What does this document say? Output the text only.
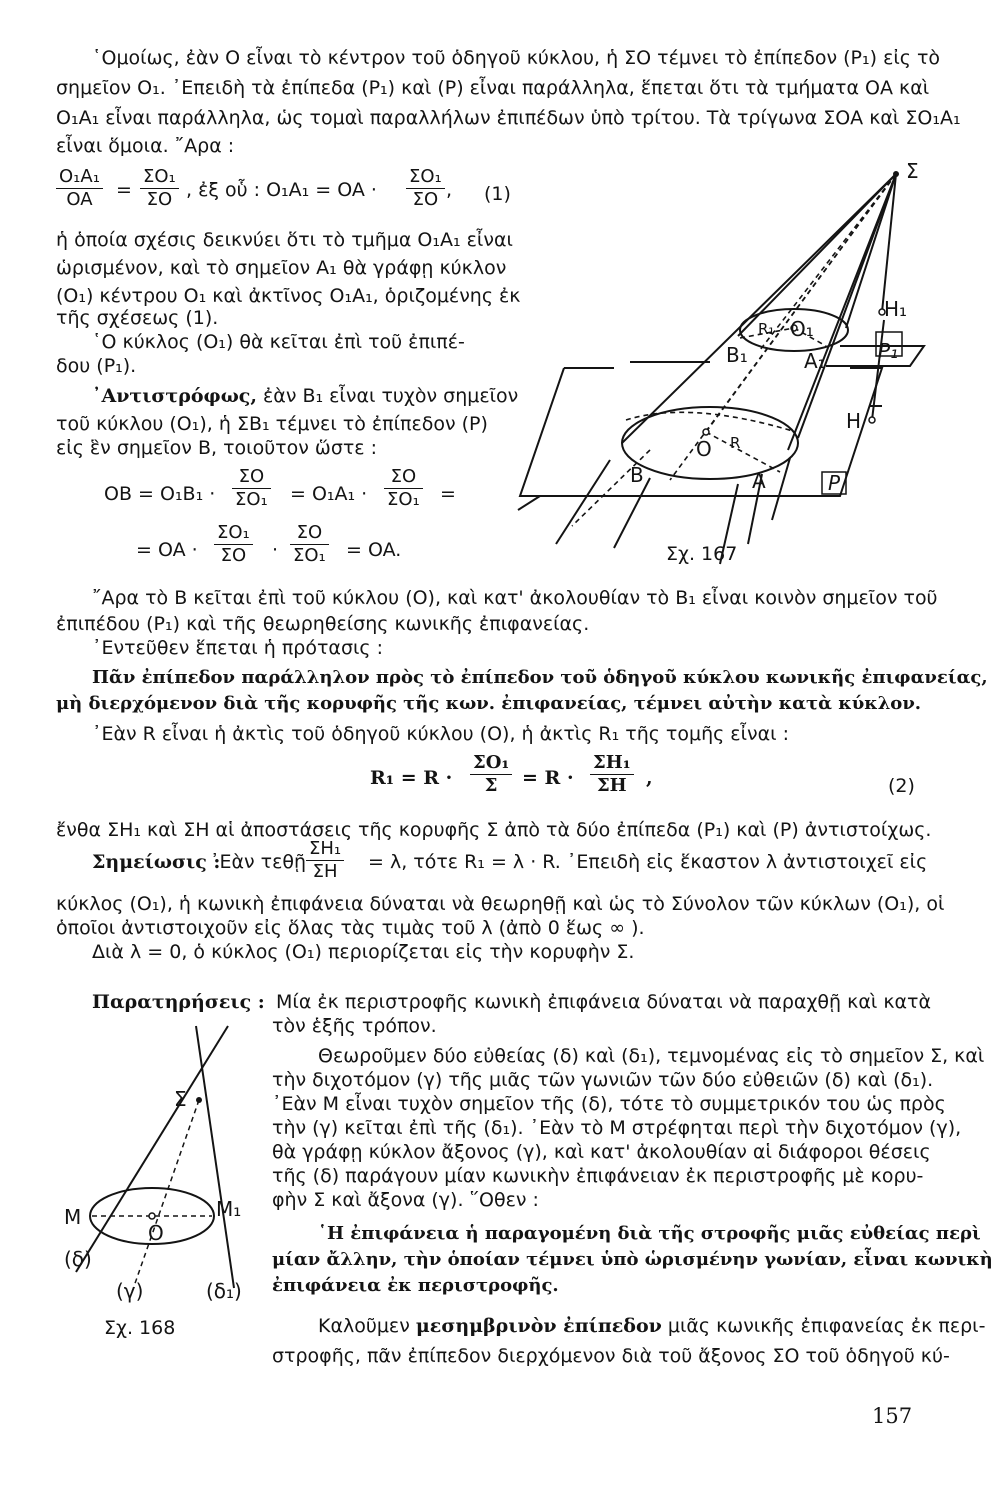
῾Ομοίως, ἐὰν O εἶναι τὸ κέντρον τοῦ ὁδηγοῦ κύκλου, ἡ ΣΟ τέμνει τὸ ἐπίπεδον (P₁) εἰς τὸ
σημεῖον O₁. ᾿Επειδὴ τὰ ἐπίπεδα (P₁) καὶ (P) εἶναι παράλληλα, ἕπεται ὅτι τὰ τμήματα ΟΑ καὶ
O₁A₁ εἶναι παράλληλα, ὡς τομαὶ παραλλήλων ἐπιπέδων ὑπὸ τρίτου. Τὰ τρίγωνα ΣΟΑ καὶ ΣΟ₁Α₁
εἶναι ὅμοια. ῎Αρα :
$\frac{\text{O₁A₁}}{OA} = \frac{\text{ΣO₁}}{\Sigma O}$ , ἐξ οὗ : O₁A₁ = OA · $\frac{\text{ΣO₁}}{\Sigma O}$ , (1)
ἡ ὁποία σχέσις δεικνύει ὅτι τὸ τμῆμα O₁A₁ εἶναι
ὡρισμένον, καὶ τὸ σημεῖον A₁ θὰ γράφῃ κύκλον
(O₁) κέντρου O₁ καὶ ἀκτῖνος O₁A₁, ὁριζομένης ἐκ
τῆς σχέσεως (1).
῾Ο κύκλος (O₁) θὰ κεῖται ἐπὶ τοῦ ἐπιπέ-
δου (P₁).
᾿Αντιστρόφως, ἐὰν B₁ εἶναι τυχὸν σημεῖον
τοῦ κύκλου (O₁), ἡ ΣB₁ τέμνει τὸ ἐπίπεδον (P)
εἰς ἓν σημεῖον B, τοιοῦτον ὥστε :
OB = $O_1B_1 \cdot \frac{\Sigma O}{\text{ΣO₁}} = O_1A_1 \cdot \frac{\Sigma O}{\text{ΣO₁}}$ =
= OA · $\frac{\text{ΣO₁}}{\Sigma O} \cdot \frac{\Sigma O}{\text{ΣO₁}}$ = OA.
Σ
H₁
P₁
R₁ O₁
B₁	A₁
H
R
O
B	A	P
Σχ. 167
῎Αρα τὸ B κεῖται ἐπὶ τοῦ κύκλου (O), καὶ κατ' ἀκολουθίαν τὸ B₁ εἶναι κοινὸν σημεῖον τοῦ
ἐπιπέδου (P₁) καὶ τῆς θεωρηθείσης κωνικῆς ἐπιφανείας.
᾿Εντεῦθεν ἕπεται ἡ πρότασις :
Πᾶν ἐπίπεδον παράλληλον πρὸς τὸ ἐπίπεδον τοῦ ὁδηγοῦ κύκλου κωνικῆς ἐπιφανείας,
μὴ διερχόμενον διὰ τῆς κορυφῆς τῆς κων. ἐπιφανείας, τέμνει αὐτὴν κατὰ κύκλον.
᾿Εὰν R εἶναι ἡ ἀκτὶς τοῦ ὁδηγοῦ κύκλου (O), ἡ ἀκτὶς R₁ τῆς τομῆς εἶναι :
$R_1 = R \cdot \frac{\text{ΣO₁}}{\Sigma} = R \cdot \frac{\text{ΣH₁}}{\Sigma H}$ ,	(2)
ἔνθα ΣH₁ καὶ ΣH αἱ ἀποστάσεις τῆς κορυφῆς Σ ἀπὸ τὰ δύο ἐπίπεδα (P₁) καὶ (P) ἀντιστοίχως.
Σημείωσις :
᾿Εὰν τεθῇ $\frac{\text{ΣH₁}}{\Sigma H} = \lambda$, τότε R₁ = λ · R. ᾿Επειδὴ εἰς ἕκαστον λ ἀντιστοιχεῖ εἰς
κύκλος (O₁), ἡ κωνικὴ ἐπιφάνεια δύναται νὰ θεωρηθῇ καὶ ὡς τὸ Σύνολον τῶν κύκλων (O₁), οἱ
ὁποῖοι ἀντιστοιχοῦν εἰς ὅλας τὰς τιμὰς τοῦ λ (ἀπὸ 0 ἕως ∞ ).
Διὰ λ = 0, ὁ κύκλος (O₁) περιορίζεται εἰς τὴν κορυφὴν Σ.
Παρατηρήσεις : Μία ἐκ περιστροφῆς κωνικὴ ἐπιφάνεια δύναται νὰ παραχθῇ καὶ κατὰ
τὸν ἑξῆς τρόπον.
Θεωροῦμεν δύο εὐθείας (δ) καὶ (δ₁), τεμνομένας εἰς τὸ σημεῖον Σ, καὶ
τὴν διχοτόμον (γ) τῆς μιᾶς τῶν γωνιῶν τῶν δύο εὐθειῶν (δ) καὶ (δ₁).
᾿Εὰν M εἶναι τυχὸν σημεῖον τῆς (δ), τότε τὸ συμμετρικόν του ὡς πρὸς
τὴν (γ) κεῖται ἐπὶ τῆς (δ₁). ᾿Εὰν τὸ M στρέφηται περὶ τὴν διχοτόμον (γ),
θὰ γράφῃ κύκλον ἄξονος (γ), καὶ κατ' ἀκολουθίαν αἱ διάφοροι θέσεις
τῆς (δ) παράγουν μίαν κωνικὴν ἐπιφάνειαν ἐκ περιστροφῆς μὲ κορυ-
φὴν Σ καὶ ἄξονα (γ). ῞Οθεν :
῾Η ἐπιφάνεια ἡ παραγομένη διὰ τῆς στροφῆς μιᾶς εὐθείας περὶ
μίαν ἄλλην, τὴν ὁποίαν τέμνει ὑπὸ ὡρισμένην γωνίαν, εἶναι κωνικὴ
ἐπιφάνεια ἐκ περιστροφῆς.
Καλοῦμεν μεσημβρινὸν ἐπίπεδον μιᾶς κωνικῆς ἐπιφανείας ἐκ περι-
στροφῆς, πᾶν ἐπίπεδον διερχόμενον διὰ τοῦ ἄξονος ΣΟ τοῦ ὁδηγοῦ κύ-
Σ
M
O
M₁
(δ)
(γ)	(δ₁)
Σχ. 168
157
